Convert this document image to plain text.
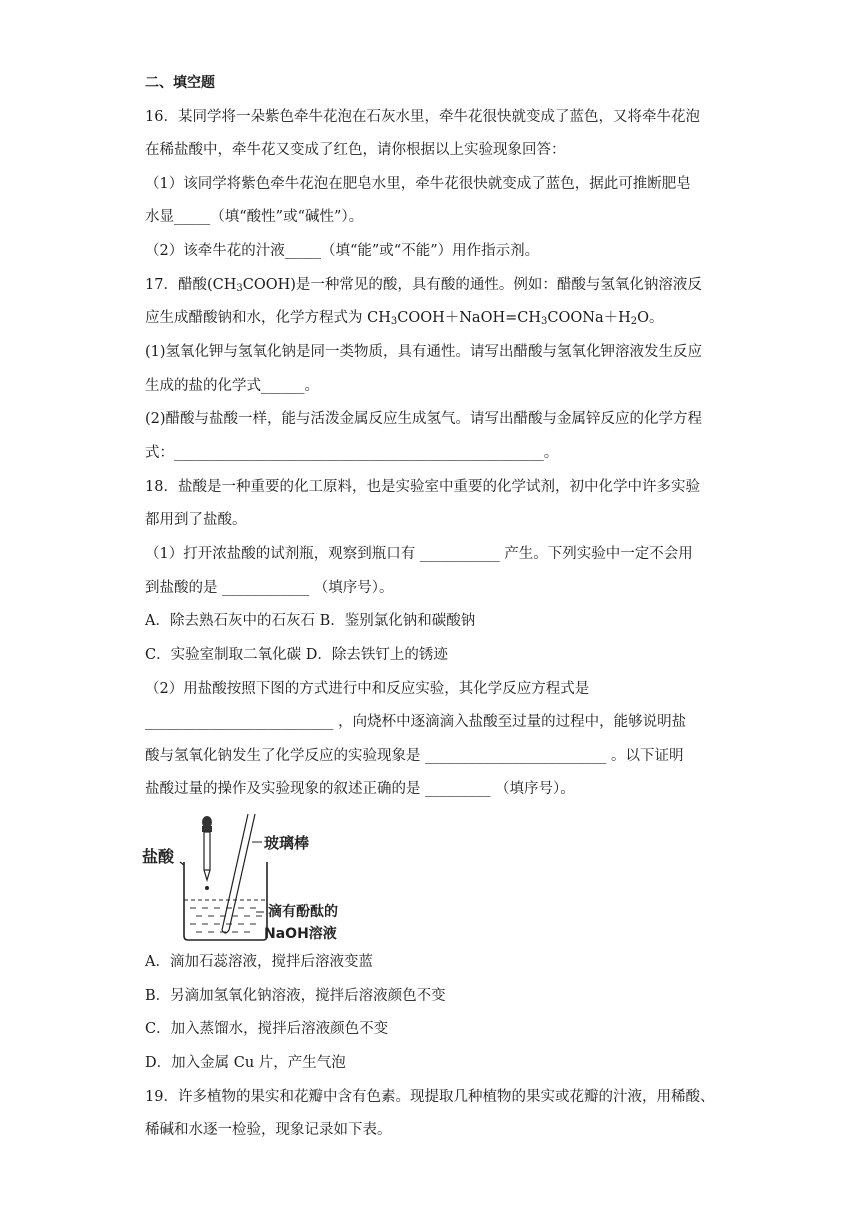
二、填空题
16．某同学将一朵紫色牵牛花泡在石灰水里，牵牛花很快就变成了蓝色，又将牵牛花泡
在稀盐酸中，牵牛花又变成了红色，请你根据以上实验现象回答：
（1）该同学将紫色牵牛花泡在肥皂水里，牵牛花很快就变成了蓝色，据此可推断肥皂
水显_____（填“酸性”或“碱性”）。
（2）该牵牛花的汁液_____（填“能”或“不能”）用作指示剂。
17．醋酸$(CH_3COOH)$是一种常见的酸，具有酸的通性。例如：醋酸与氢氧化钠溶液反
应生成醋酸钠和水，化学方程式为 $CH_3COOH+NaOH=CH_3COONa+H_2O$。
(1)氢氧化钾与氢氧化钠是同一类物质，具有通性。请写出醋酸与氢氧化钾溶液发生反应
生成的盐的化学式______。
(2)醋酸与盐酸一样，能与活泼金属反应生成氢气。请写出醋酸与金属锌反应的化学方程
式：___________________________________________________。
18．盐酸是一种重要的化工原料，也是实验室中重要的化学试剂，初中化学中许多实验
都用到了盐酸。
（1）打开浓盐酸的试剂瓶，观察到瓶口有 ___________ 产生。下列实验中一定不会用
到盐酸的是 ____________ （填序号）。
A．除去熟石灰中的石灰石 B．鉴别氯化钠和碳酸钠
C．实验室制取二氧化碳 D．除去铁钉上的锈迹
（2）用盐酸按照下图的方式进行中和反应实验，其化学反应方程式是
__________________________ ，向烧杯中逐滴滴入盐酸至过量的过程中，能够说明盐
酸与氢氧化钠发生了化学反应的实验现象是 _________________________ 。以下证明
盐酸过量的操作及实验现象的叙述正确的是 _________ （填序号）。
盐酸
玻璃棒
滴有酚酞的
NaOH溶液
A．滴加石蕊溶液，搅拌后溶液变蓝
B．另滴加氢氧化钠溶液，搅拌后溶液颜色不变
C．加入蒸馏水，搅拌后溶液颜色不变
D．加入金属 Cu 片，产生气泡
19．许多植物的果实和花瓣中含有色素。现提取几种植物的果实或花瓣的汁液，用稀酸、
稀碱和水逐一检验，现象记录如下表。
